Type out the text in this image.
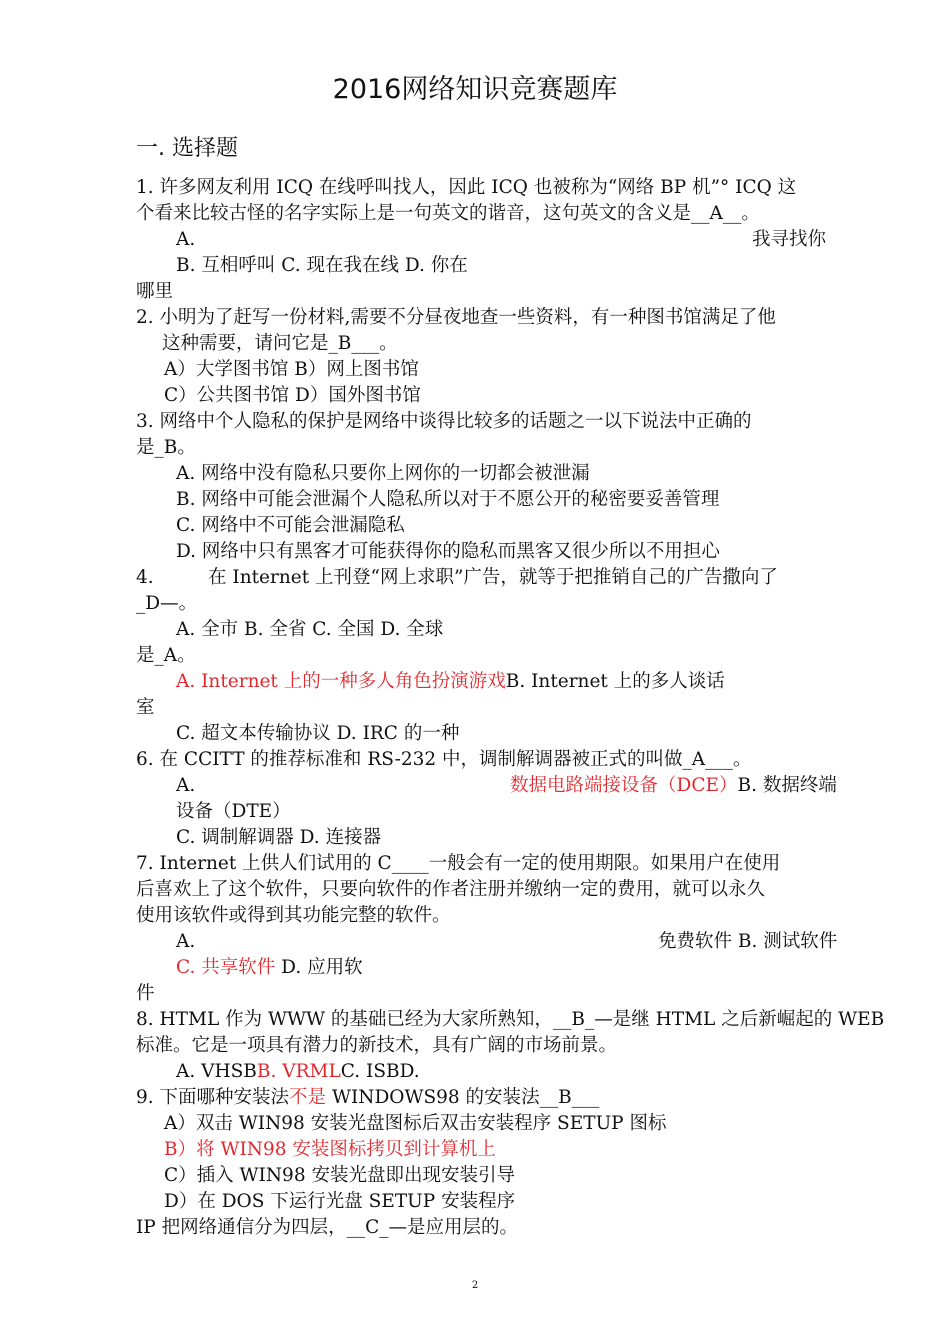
2016网络知识竞赛题库
一. 选择题
1. 许多网友利用 ICQ 在线呼叫找人，因此 ICQ 也被称为“网络 BP 机”° ICQ 这
个看来比较古怪的名字实际上是一句英文的谐音，这句英文的含义是__A__。
A.	我寻找你
B. 互相呼叫 C. 现在我在线 D. 你在
哪里
2. 小明为了赶写一份材料,需要不分昼夜地查一些资料，有一种图书馆满足了他
这种需要，请问它是_B___。
A）大学图书馆 B）网上图书馆
C）公共图书馆 D）国外图书馆
3. 网络中个人隐私的保护是网络中谈得比较多的话题之一以下说法中正确的
是_B。
A. 网络中没有隐私只要你上网你的一切都会被泄漏
B. 网络中可能会泄漏个人隐私所以对于不愿公开的秘密要妥善管理
C. 网络中不可能会泄漏隐私
D. 网络中只有黑客才可能获得你的隐私而黑客又很少所以不用担心
4.	在 Internet 上刊登“网上求职”广告，就等于把推销自己的广告撒向了
_D—。
A. 全市 B. 全省 C. 全国 D. 全球
是_A。
A. Internet 上的一种多人角色扮演游戏B. Internet 上的多人谈话
室
C. 超文本传输协议 D. IRC 的一种
6. 在 CCITT 的推荐标准和 RS-232 中，调制解调器被正式的叫做_A___。
A.	数据电路端接设备（DCE）B. 数据终端
设备（DTE）
C. 调制解调器 D. 连接器
7. Internet 上供人们试用的 C____一般会有一定的使用期限。如果用户在使用
后喜欢上了这个软件，只要向软件的作者注册并缴纳一定的费用，就可以永久
使用该软件或得到其功能完整的软件。
A.	免费软件 B. 测试软件
C. 共享软件 D. 应用软
件
8. HTML 作为 WWW 的基础已经为大家所熟知，__B_—是继 HTML 之后新崛起的 WEB
标准。它是一项具有潜力的新技术，具有广阔的市场前景。
A. VHSBB. VRMLC. ISBD.
9. 下面哪种安装法不是 WINDOWS98 的安装法__B___
A）双击 WIN98 安装光盘图标后双击安装程序 SETUP 图标
B）将 WIN98 安装图标拷贝到计算机上
C）插入 WIN98 安装光盘即出现安装引导
D）在 DOS 下运行光盘 SETUP 安装程序
IP 把网络通信分为四层，__C_—是应用层的。
2
